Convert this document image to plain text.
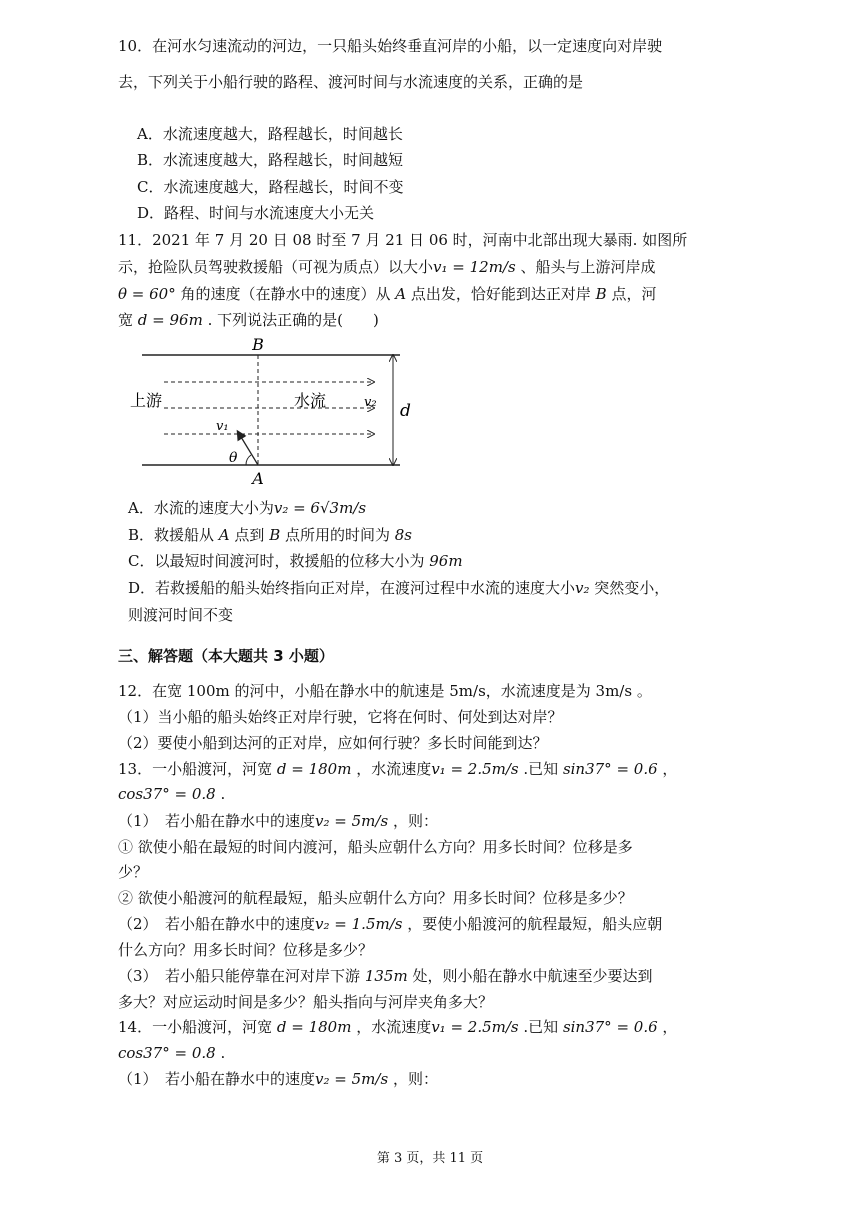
10．在河水匀速流动的河边，一只船头始终垂直河岸的小船，以一定速度向对岸驶
去，下列关于小船行驶的路程、渡河时间与水流速度的关系，正确的是
A．水流速度越大，路程越长，时间越长
B．水流速度越大，路程越长，时间越短
C．水流速度越大，路程越长，时间不变
D．路程、时间与水流速度大小无关
11．2021 年 7 月 20 日 08 时至 7 月 21 日 06 时，河南中北部出现大暴雨. 如图所
示，抢险队员驾驶救援船（可视为质点）以大小v₁ = 12m/s 、船头与上游河岸成
θ = 60° 角的速度（在静水中的速度）从 A 点出发，恰好能到达正对岸 B 点，河
宽 d = 96m . 下列说法正确的是(　　)
B
A
上游	水流	v₂
v₁
θ
d
A．水流的速度大小为v₂ = 6√3m/s
B．救援船从 A 点到 B 点所用的时间为 8s
C．以最短时间渡河时，救援船的位移大小为 96m
D．若救援船的船头始终指向正对岸，在渡河过程中水流的速度大小v₂ 突然变小，
则渡河时间不变
三、解答题（本大题共 3 小题）
12．在宽 100m 的河中，小船在静水中的航速是 5m/s，水流速度是为 3m/s 。
（1）当小船的船头始终正对岸行驶，它将在何时、何处到达对岸？
（2）要使小船到达河的正对岸，应如何行驶？多长时间能到达？
13．一小船渡河，河宽 d = 180m ，水流速度v₁ = 2.5m/s .已知 sin37° = 0.6 ，
cos37° = 0.8 .
（1）　若小船在静水中的速度v₂ = 5m/s ，则：
① 欲使小船在最短的时间内渡河，船头应朝什么方向？用多长时间？位移是多
少？
② 欲使小船渡河的航程最短，船头应朝什么方向？用多长时间？位移是多少？
（2）　若小船在静水中的速度v₂ = 1.5m/s ，要使小船渡河的航程最短，船头应朝
什么方向？用多长时间？位移是多少？
（3）　若小船只能停靠在河对岸下游 135m 处，则小船在静水中航速至少要达到
多大？对应运动时间是多少？船头指向与河岸夹角多大？
14．一小船渡河，河宽 d = 180m ，水流速度v₁ = 2.5m/s .已知 sin37° = 0.6 ，
cos37° = 0.8 .
（1）　若小船在静水中的速度v₂ = 5m/s ，则：
第 3 页，共 11 页
